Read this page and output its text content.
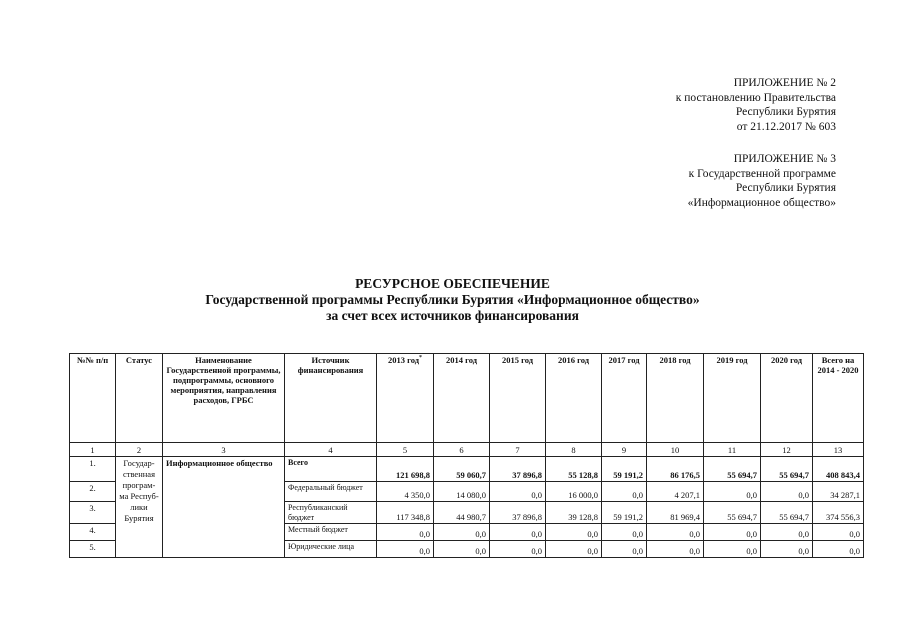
ПРИЛОЖЕНИЕ № 2
к постановлению Правительства
Республики Бурятия
от 21.12.2017 № 603
ПРИЛОЖЕНИЕ № 3
к Государственной программе
Республики Бурятия
«Информационное общество»
РЕСУРСНОЕ ОБЕСПЕЧЕНИЕ
Государственной программы Республики Бурятия «Информационное общество»
за счет всех источников финансирования
№№ п/п	Статус	Наименование Государственной программы, подпрограммы, основного мероприятия, направления расходов, ГРБС	Источник финансирования	2013 год*	2014 год	2015 год	2016 год	2017 год	2018 год	2019 год	2020 год	Всего на 2014 - 2020
1	2	3	4	5	6	7	8	9	10	11	12	13
1.	Государ-ственная програм-ма Респуб-лики Бурятия	Информационное общество	Всего	121 698,8	59 060,7	37 896,8	55 128,8	59 191,2	86 176,5	55 694,7	55 694,7	408 843,4
2.			Федеральный бюджет	4 350,0	14 080,0	0,0	16 000,0	0,0	4 207,1	0,0	0,0	34 287,1
3.			Республиканский бюджет	117 348,8	44 980,7	37 896,8	39 128,8	59 191,2	81 969,4	55 694,7	55 694,7	374 556,3
4.			Местный бюджет	0,0	0,0	0,0	0,0	0,0	0,0	0,0	0,0	0,0
5.			Юридические лица	0,0	0,0	0,0	0,0	0,0	0,0	0,0	0,0	0,0
